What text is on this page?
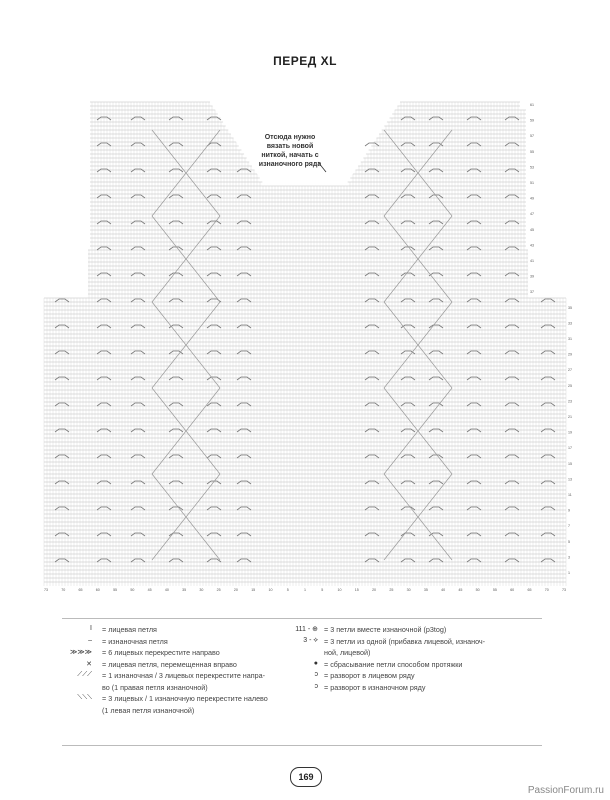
ПЕРЕД XL
61
59
57
55
53
51
49
47
45
43
41
39
37
35
33
31
29
27
25
23
21
19
17
15
13
11
9
7
5
3
1
73	70	65	60	55	50	45	40	35	30	25	20	15	10	5	1	5	10	15	20	25	30	35	40	45	50	55	60	65	70	73
Отсюда нужно вязать новой ниткой, начать с изнаночного ряда
I = лицевая петля
– = изнаночная петля
≫≫≫ = 6 лицевых перекрестите направо
✕ = лицевая петля, перемещенная вправо
⟋⟋⟋ = 1 изнаночная / 3 лицевых перекрестите напра-
во (1 правая петля изнаночной)
⟍⟍⟍ = 3 лицевых / 1 изнаночную перекрестите налево
(1 левая петля изнаночной)
111 - ⊕ = 3 петли вместе изнаночной (p3tog)
3 - ⟡ = 3 петли из одной (прибавка лицевой, изнаноч-
ной, лицевой)
● = сбрасывание петли способом протяжки
ↄ = разворот в лицевом ряду
ↄ = разворот в изнаночном ряду
169
PassionForum.ru
